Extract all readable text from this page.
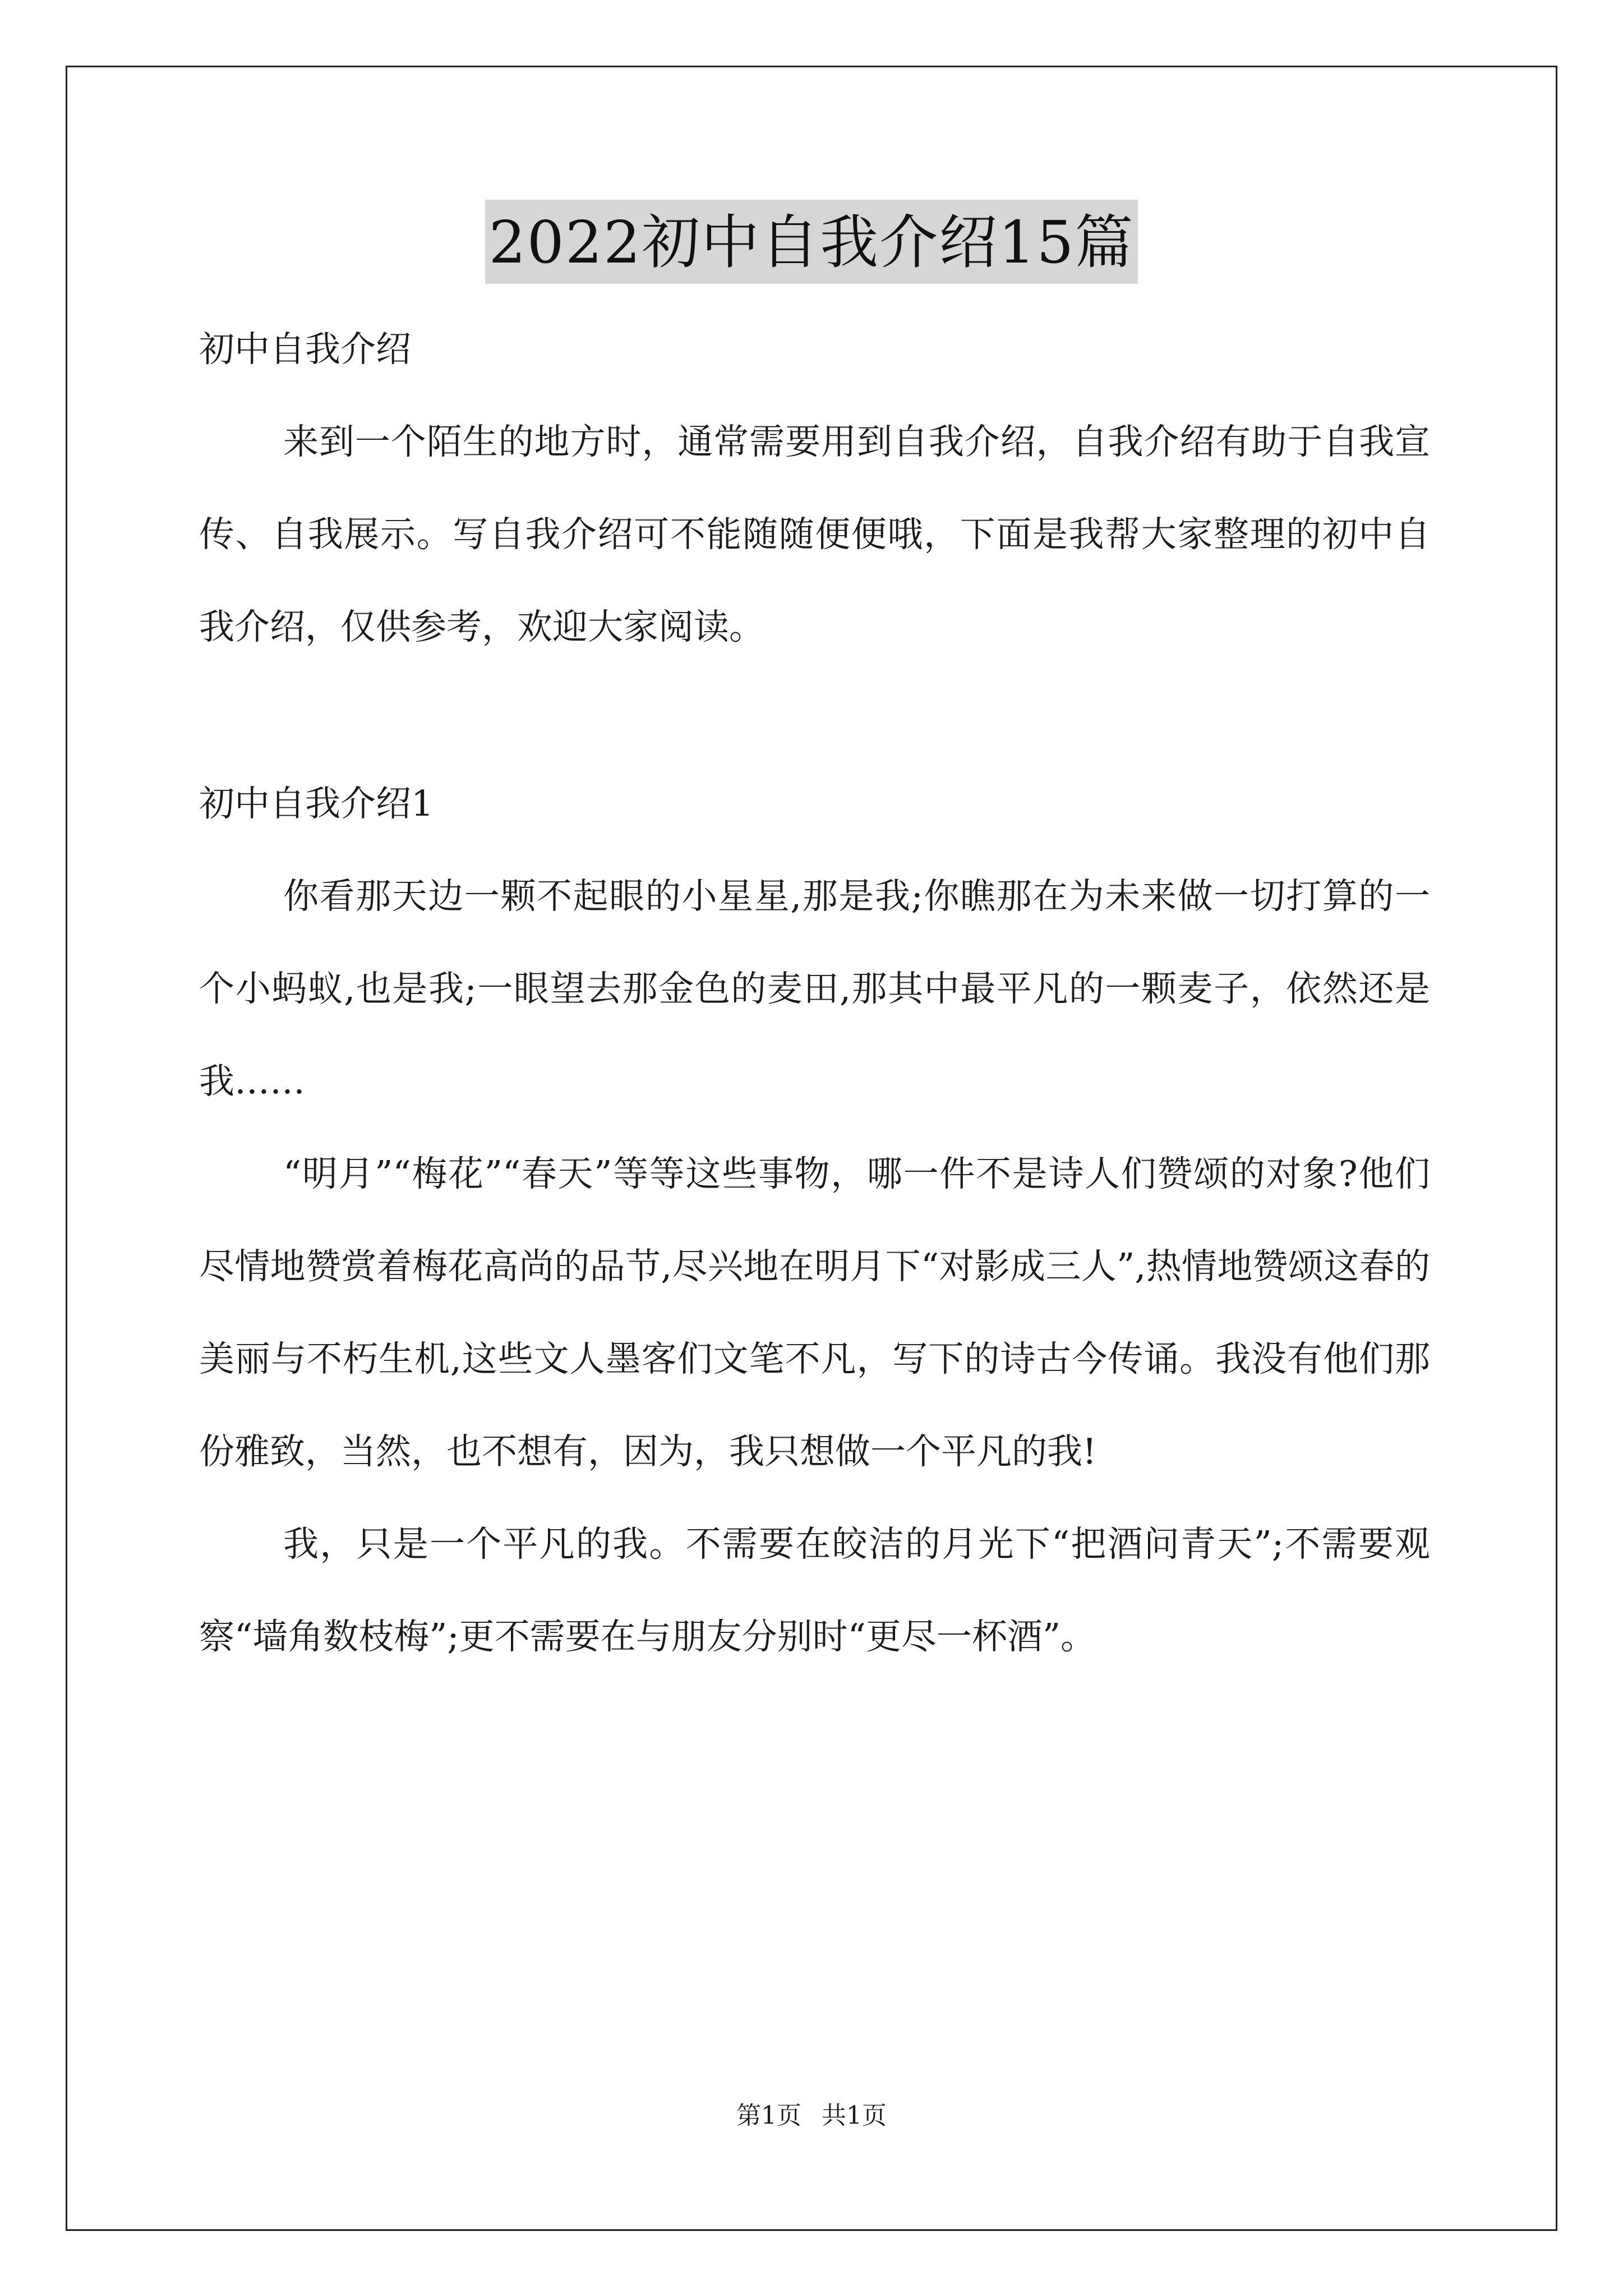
2022初中自我介绍15篇

初中自我介绍

来到一个陌生的地方时，通常需要用到自我介绍，自我介绍有助于自我宣传、自我展示。写自我介绍可不能随随便便哦，下面是我帮大家整理的初中自我介绍，仅供参考，欢迎大家阅读。

初中自我介绍1

你看那天边一颗不起眼的小星星,那是我;你瞧那在为未来做一切打算的一个小蚂蚁,也是我;一眼望去那金色的麦田,那其中最平凡的一颗麦子，依然还是我……

“明月”“梅花”“春天”等等这些事物，哪一件不是诗人们赞颂的对象?他们尽情地赞赏着梅花高尚的品节,尽兴地在明月下“对影成三人”,热情地赞颂这春的美丽与不朽生机,这些文人墨客们文笔不凡，写下的诗古今传诵。我没有他们那份雅致，当然，也不想有，因为，我只想做一个平凡的我!

我，只是一个平凡的我。不需要在皎洁的月光下“把酒问青天”;不需要观察“墙角数枝梅”;更不需要在与朋友分别时“更尽一杯酒”。

第1页 共1页
